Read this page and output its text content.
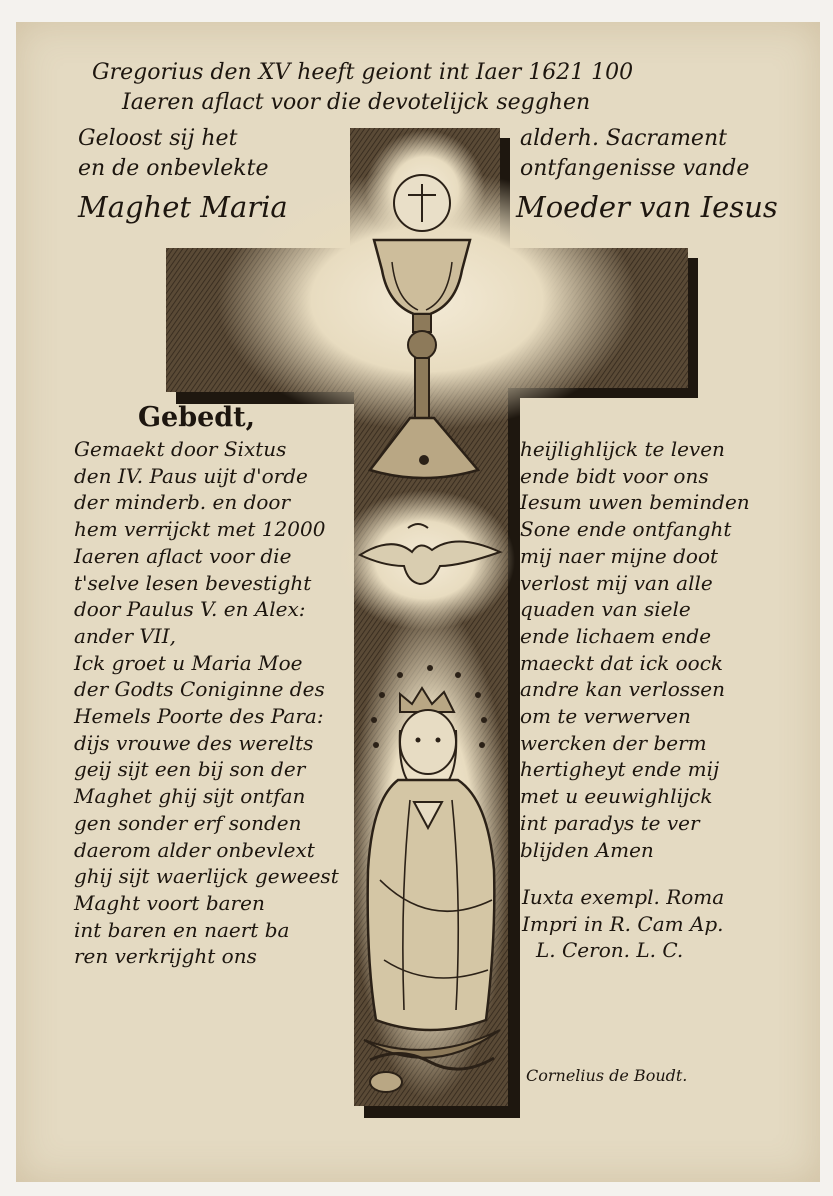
Gregorius den XV heeft geiont int Iaer 1621 100
Iaeren aflact voor die devotelijck segghen
Geloost sij het
en de onbevlekte
Maghet Maria
alderh. Sacrament
ontfangenisse vande
Moeder van Iesus
Gebedt,
Gemaekt door Sixtus
den IV. Paus uijt d'orde
der minderb. en door
hem verrijckt met 12000
Iaeren aflact voor die
t'selve lesen bevestight
door Paulus V. en Alex:
ander VII,
Ick groet u Maria Moe
der Godts Coniginne des
Hemels Poorte des Para:
dijs vrouwe des werelts
geij sijt een bij son der
Maghet ghij sijt ontfan
gen sonder erf sonden
daerom alder onbevlext
ghij sijt waerlijck geweest
Maght voort baren
int baren en naert ba
ren verkrijght ons
heijlighlijck te leven
ende bidt voor ons
Iesum uwen beminden
Sone ende ontfanght
mij naer mijne doot
verlost mij van alle
quaden van siele
ende lichaem ende
maeckt dat ick oock
andre kan verlossen
om te verwerven
wercken der berm
hertigheyt ende mij
met u eeuwighlijck
int paradys te ver
blijden Amen
Iuxta exempl. Roma
Impri in R. Cam Ap.
L. Ceron. L. C.
Cornelius de Boudt.
